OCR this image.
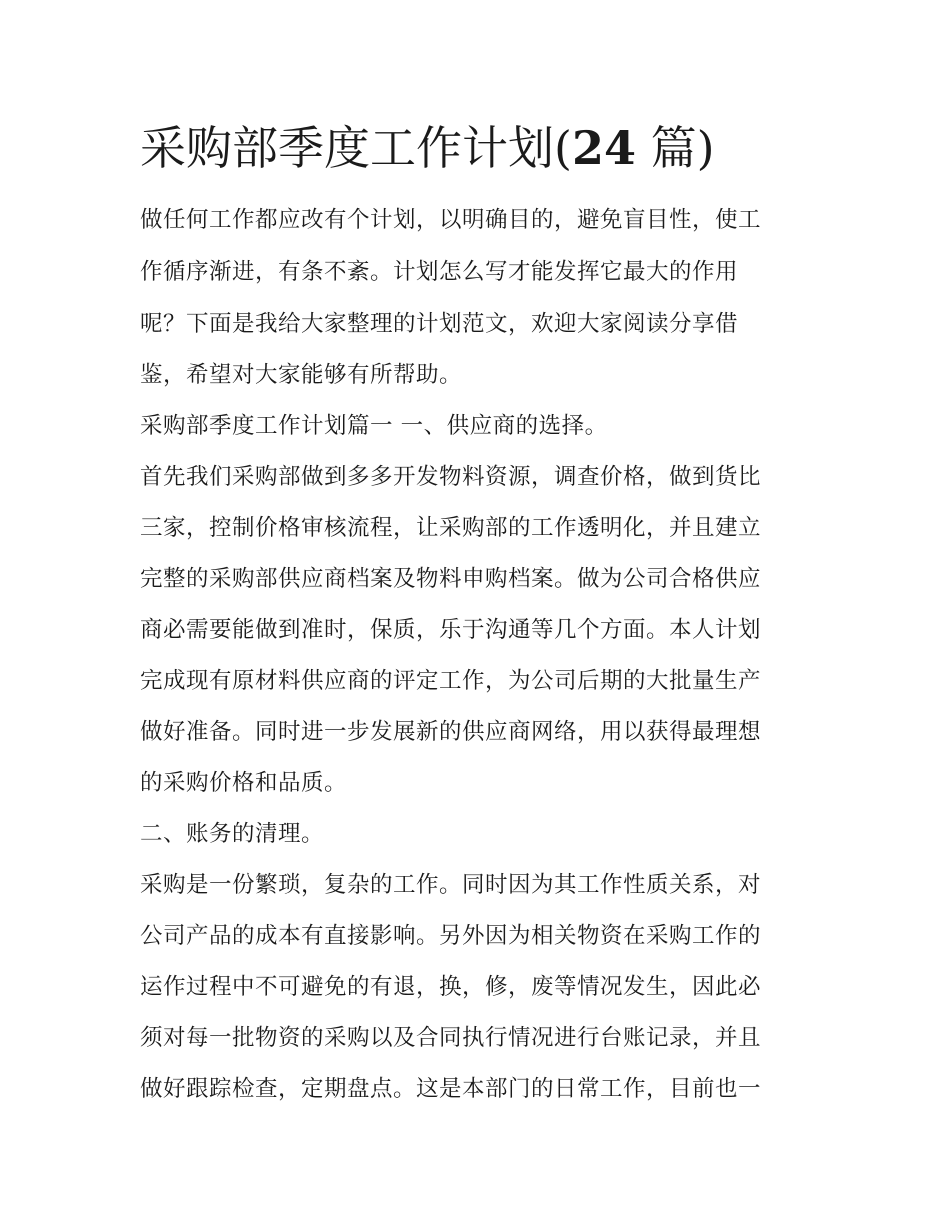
采购部季度工作计划(24 篇)

做任何工作都应改有个计划，以明确目的，避免盲目性，使工

作循序渐进，有条不紊。计划怎么写才能发挥它最大的作用

呢？下面是我给大家整理的计划范文，欢迎大家阅读分享借

鉴，希望对大家能够有所帮助。

采购部季度工作计划篇一 一、供应商的选择。

首先我们采购部做到多多开发物料资源，调查价格，做到货比

三家，控制价格审核流程，让采购部的工作透明化，并且建立

完整的采购部供应商档案及物料申购档案。做为公司合格供应

商必需要能做到准时，保质，乐于沟通等几个方面。本人计划

完成现有原材料供应商的评定工作，为公司后期的大批量生产

做好准备。同时进一步发展新的供应商网络，用以获得最理想

的采购价格和品质。

二、账务的清理。

采购是一份繁琐，复杂的工作。同时因为其工作性质关系，对

公司产品的成本有直接影响。另外因为相关物资在采购工作的

运作过程中不可避免的有退，换，修，废等情况发生，因此必

须对每一批物资的采购以及合同执行情况进行台账记录，并且

做好跟踪检查，定期盘点。这是本部门的日常工作，目前也一
